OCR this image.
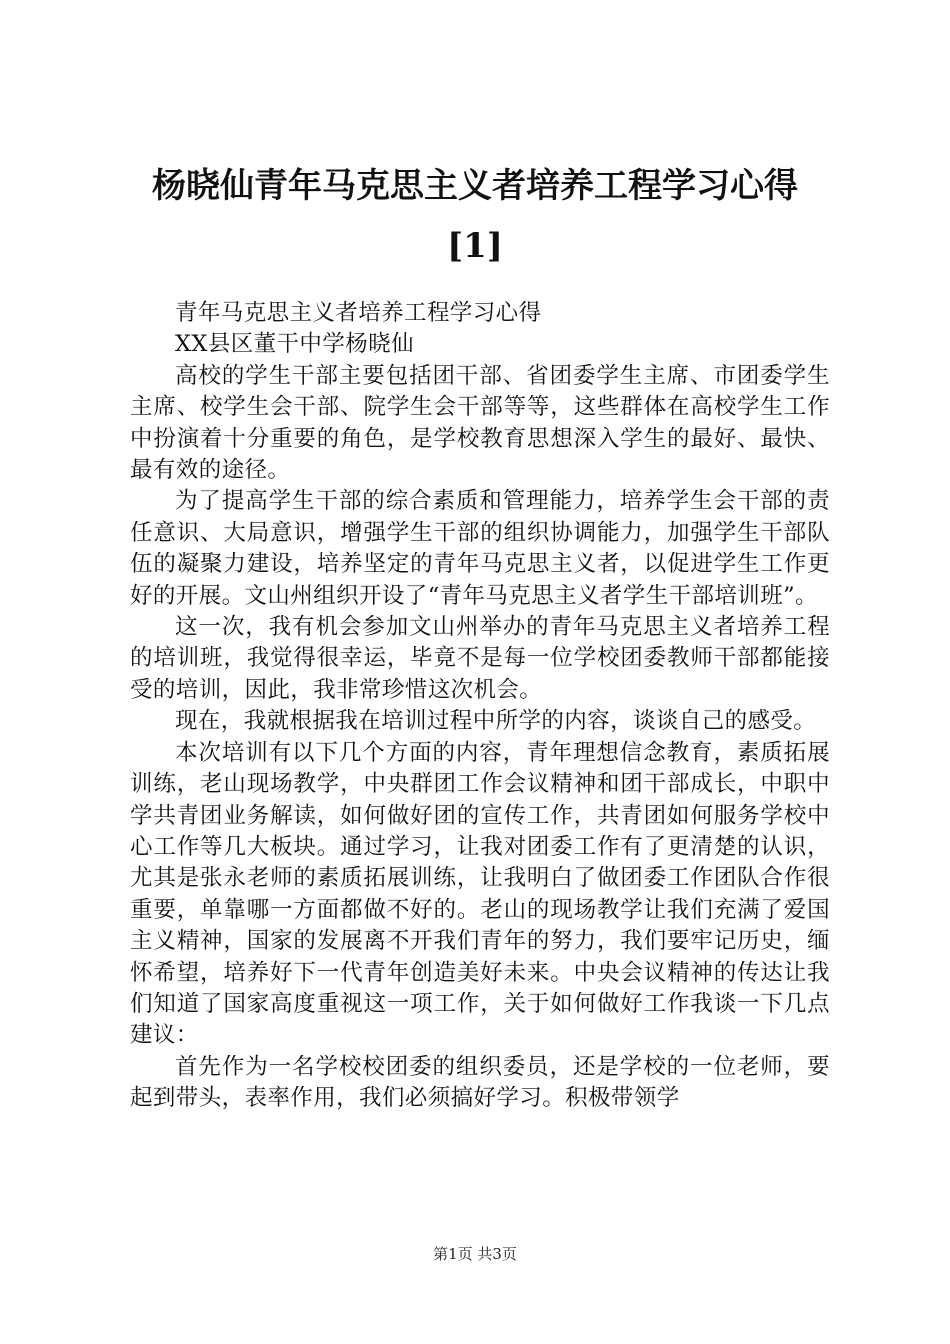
杨晓仙青年马克思主义者培养工程学习心得
[1]

青年马克思主义者培养工程学习心得

XX县区董干中学杨晓仙

高校的学生干部主要包括团干部、省团委学生主席、市团委学生主席、校学生会干部、院学生会干部等等，这些群体在高校学生工作中扮演着十分重要的角色，是学校教育思想深入学生的最好、最快、最有效的途径。

为了提高学生干部的综合素质和管理能力，培养学生会干部的责任意识、大局意识，增强学生干部的组织协调能力，加强学生干部队伍的凝聚力建设，培养坚定的青年马克思主义者，以促进学生工作更好的开展。文山州组织开设了“青年马克思主义者学生干部培训班”。

这一次，我有机会参加文山州举办的青年马克思主义者培养工程的培训班，我觉得很幸运，毕竟不是每一位学校团委教师干部都能接受的培训，因此，我非常珍惜这次机会。

现在，我就根据我在培训过程中所学的内容，谈谈自己的感受。

本次培训有以下几个方面的内容，青年理想信念教育，素质拓展训练，老山现场教学，中央群团工作会议精神和团干部成长，中职中学共青团业务解读，如何做好团的宣传工作，共青团如何服务学校中心工作等几大板块。通过学习，让我对团委工作有了更清楚的认识，尤其是张永老师的素质拓展训练，让我明白了做团委工作团队合作很重要，单靠哪一方面都做不好的。老山的现场教学让我们充满了爱国主义精神，国家的发展离不开我们青年的努力，我们要牢记历史，缅怀希望，培养好下一代青年创造美好未来。中央会议精神的传达让我们知道了国家高度重视这一项工作，关于如何做好工作我谈一下几点建议：

首先作为一名学校校团委的组织委员，还是学校的一位老师，要起到带头，表率作用，我们必须搞好学习。积极带领学

第1页 共3页
